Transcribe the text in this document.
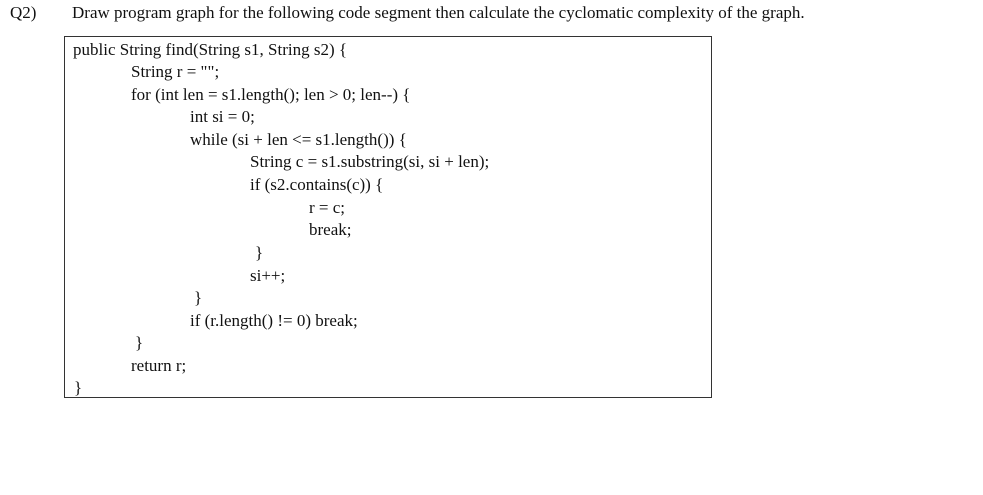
Q2) Draw program graph for the following code segment then calculate the cyclomatic complexity of the graph.
public String find(String s1, String s2) {
String r = "";
for (int len = s1.length(); len > 0; len--) {
int si = 0;
while (si + len <= s1.length()) {
String c = s1.substring(si, si + len);
if (s2.contains(c)) {
r = c;
break;
}
si++;
}
if (r.length() != 0) break;
}
return r;
}
